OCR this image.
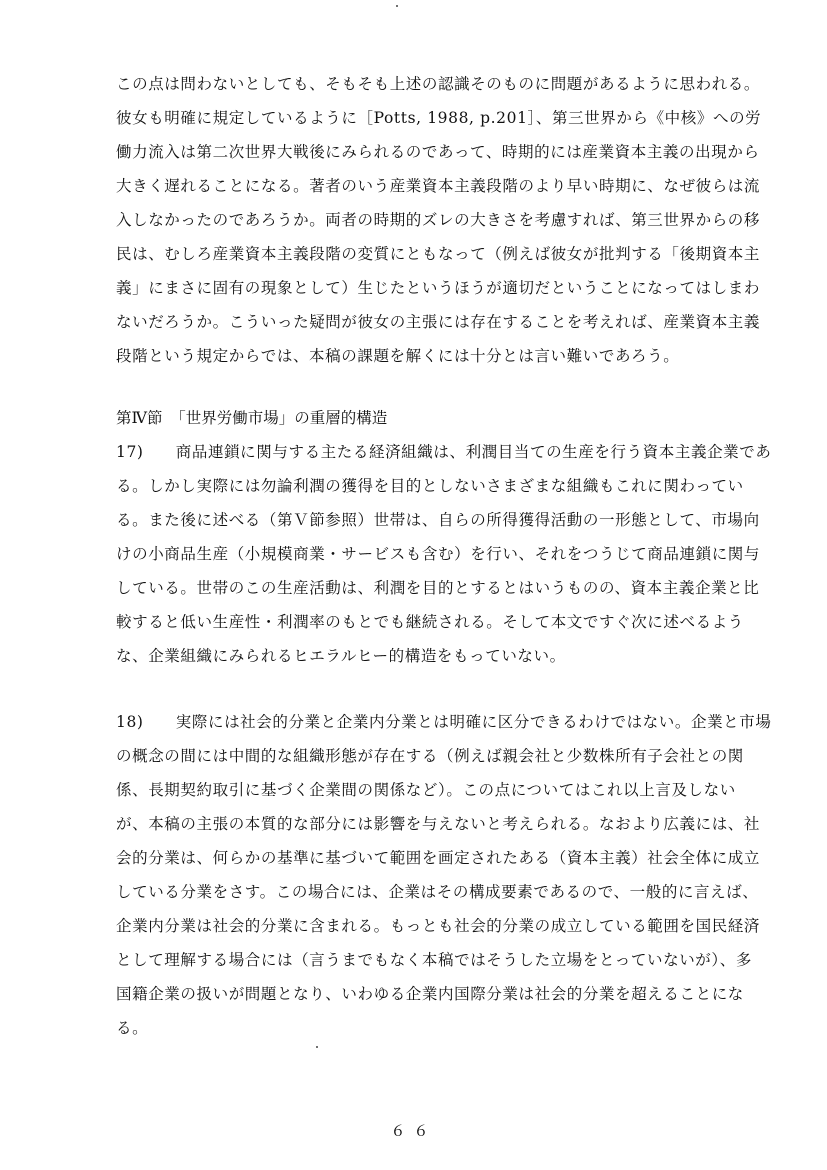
この点は問わないとしても、そもそも上述の認識そのものに問題があるように思われる。
彼女も明確に規定しているように［Potts, 1988, p.201］、第三世界から《中核》への労
働力流入は第二次世界大戦後にみられるのであって、時期的には産業資本主義の出現から
大きく遅れることになる。著者のいう産業資本主義段階のより早い時期に、なぜ彼らは流
入しなかったのであろうか。両者の時期的ズレの大きさを考慮すれば、第三世界からの移
民は、むしろ産業資本主義段階の変質にともなって（例えば彼女が批判する「後期資本主
義」にまさに固有の現象として）生じたというほうが適切だということになってはしまわ
ないだろうか。こういった疑問が彼女の主張には存在することを考えれば、産業資本主義
段階という規定からでは、本稿の課題を解くには十分とは言い難いであろう。
第Ⅳ節　「世界労働市場」の重層的構造
17)　　商品連鎖に関与する主たる経済組織は、利潤目当ての生産を行う資本主義企業であ
る。しかし実際には勿論利潤の獲得を目的としないさまざまな組織もこれに関わってい
る。また後に述べる（第Ｖ節参照）世帯は、自らの所得獲得活動の一形態として、市場向
けの小商品生産（小規模商業・サービスも含む）を行い、それをつうじて商品連鎖に関与
している。世帯のこの生産活動は、利潤を目的とするとはいうものの、資本主義企業と比
較すると低い生産性・利潤率のもとでも継続される。そして本文ですぐ次に述べるよう
な、企業組織にみられるヒエラルヒー的構造をもっていない。
18)　　実際には社会的分業と企業内分業とは明確に区分できるわけではない。企業と市場
の概念の間には中間的な組織形態が存在する（例えば親会社と少数株所有子会社との関
係、長期契約取引に基づく企業間の関係など）。この点についてはこれ以上言及しない
が、本稿の主張の本質的な部分には影響を与えないと考えられる。なおより広義には、社
会的分業は、何らかの基準に基づいて範囲を画定されたある（資本主義）社会全体に成立
している分業をさす。この場合には、企業はその構成要素であるので、一般的に言えば、
企業内分業は社会的分業に含まれる。もっとも社会的分業の成立している範囲を国民経済
として理解する場合には（言うまでもなく本稿ではそうした立場をとっていないが）、多
国籍企業の扱いが問題となり、いわゆる企業内国際分業は社会的分業を超えることにな
る。
６６
